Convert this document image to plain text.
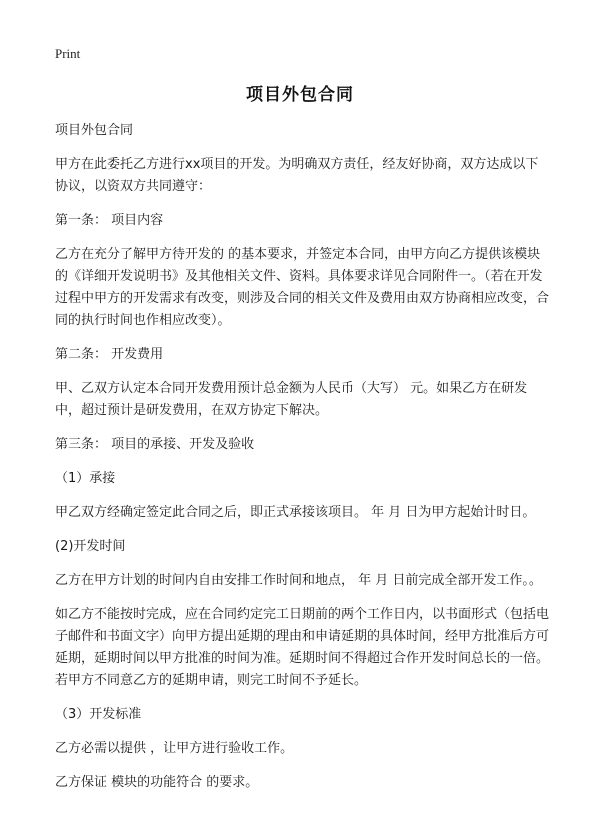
Print
项目外包合同

项目外包合同

甲方在此委托乙方进行xx项目的开发。为明确双方责任，经友好协商，双方达成以下协议，以资双方共同遵守：

第一条： 项目内容

乙方在充分了解甲方待开发的 的基本要求，并签定本合同，由甲方向乙方提供该模块的《详细开发说明书》及其他相关文件、资料。具体要求详见合同附件一。（若在开发过程中甲方的开发需求有改变，则涉及合同的相关文件及费用由双方协商相应改变，合同的执行时间也作相应改变）。

第二条： 开发费用

甲、乙双方认定本合同开发费用预计总金额为人民币（大写） 元。如果乙方在研发中，超过预计是研发费用，在双方协定下解决。

第三条： 项目的承接、开发及验收

（1）承接

甲乙双方经确定签定此合同之后，即正式承接该项目。 年 月 日为甲方起始计时日。

(2)开发时间

乙方在甲方计划的时间内自由安排工作时间和地点， 年 月 日前完成全部开发工作。。

如乙方不能按时完成，应在合同约定完工日期前的两个工作日内，以书面形式（包括电子邮件和书面文字）向甲方提出延期的理由和申请延期的具体时间，经甲方批准后方可延期，延期时间以甲方批准的时间为准。延期时间不得超过合作开发时间总长的一倍。若甲方不同意乙方的延期申请，则完工时间不予延长。

（3）开发标准

乙方必需以提供 ，让甲方进行验收工作。

乙方保证 模块的功能符合 的要求。
